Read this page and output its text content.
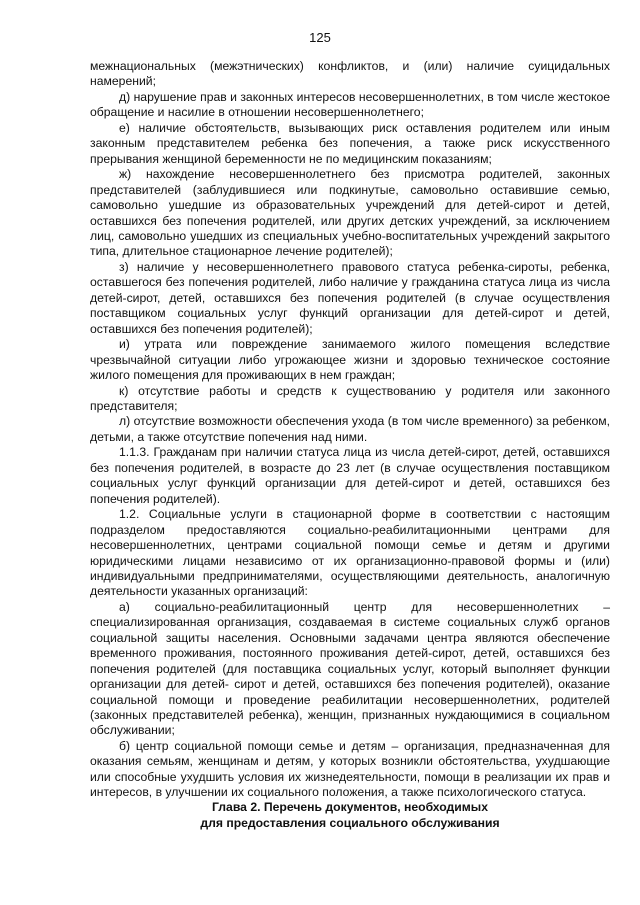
125

межнациональных (межэтнических) конфликтов, и (или) наличие суицидальных намерений;

д) нарушение прав и законных интересов несовершеннолетних, в том числе жестокое обращение и насилие в отношении несовершеннолетнего;

е) наличие обстоятельств, вызывающих риск оставления родителем или иным законным представителем ребенка без попечения, а также риск искусственного прерывания женщиной беременности не по медицинским показаниям;

ж) нахождение несовершеннолетнего без присмотра родителей, законных представителей (заблудившиеся или подкинутые, самовольно оставившие семью, самовольно ушедшие из образовательных учреждений для детей-сирот и детей, оставшихся без попечения родителей, или других детских учреждений, за исключением лиц, самовольно ушедших из специальных учебно-воспитательных учреждений закрытого типа, длительное стационарное лечение родителей);

з) наличие у несовершеннолетнего правового статуса ребенка-сироты, ребенка, оставшегося без попечения родителей, либо наличие у гражданина статуса лица из числа детей-сирот, детей, оставшихся без попечения родителей (в случае осуществления поставщиком социальных услуг функций организации для детей-сирот и детей, оставшихся без попечения родителей);

и) утрата или повреждение занимаемого жилого помещения вследствие чрезвычайной ситуации либо угрожающее жизни и здоровью техническое состояние жилого помещения для проживающих в нем граждан;

к) отсутствие работы и средств к существованию у родителя или законного представителя;

л) отсутствие возможности обеспечения ухода (в том числе временного) за ребенком, детьми, а также отсутствие попечения над ними.

1.1.3. Гражданам при наличии статуса лица из числа детей-сирот, детей, оставшихся без попечения родителей, в возрасте до 23 лет (в случае осуществления поставщиком социальных услуг функций организации для детей-сирот и детей, оставшихся без попечения родителей).

1.2. Социальные услуги в стационарной форме в соответствии с настоящим подразделом предоставляются социально-реабилитационными центрами для несовершеннолетних, центрами социальной помощи семье и детям и другими юридическими лицами независимо от их организационно-правовой формы и (или) индивидуальными предпринимателями, осуществляющими деятельность, аналогичную деятельности указанных организаций:

а) социально-реабилитационный центр для несовершеннолетних – специализированная организация, создаваемая в системе социальных служб органов социальной защиты населения. Основными задачами центра являются обеспечение временного проживания, постоянного проживания детей-сирот, детей, оставшихся без попечения родителей (для поставщика социальных услуг, который выполняет функции организации для детей- сирот и детей, оставшихся без попечения родителей), оказание социальной помощи и проведение реабилитации несовершеннолетних, родителей (законных представителей ребенка), женщин, признанных нуждающимися в социальном обслуживании;

б) центр социальной помощи семье и детям – организация, предназначенная для оказания семьям, женщинам и детям, у которых возникли обстоятельства, ухудшающие или способные ухудшить условия их жизнедеятельности, помощи в реализации их прав и интересов, в улучшении их социального положения, а также психологического статуса.

Глава 2. Перечень документов, необходимых
для предоставления социального обслуживания
